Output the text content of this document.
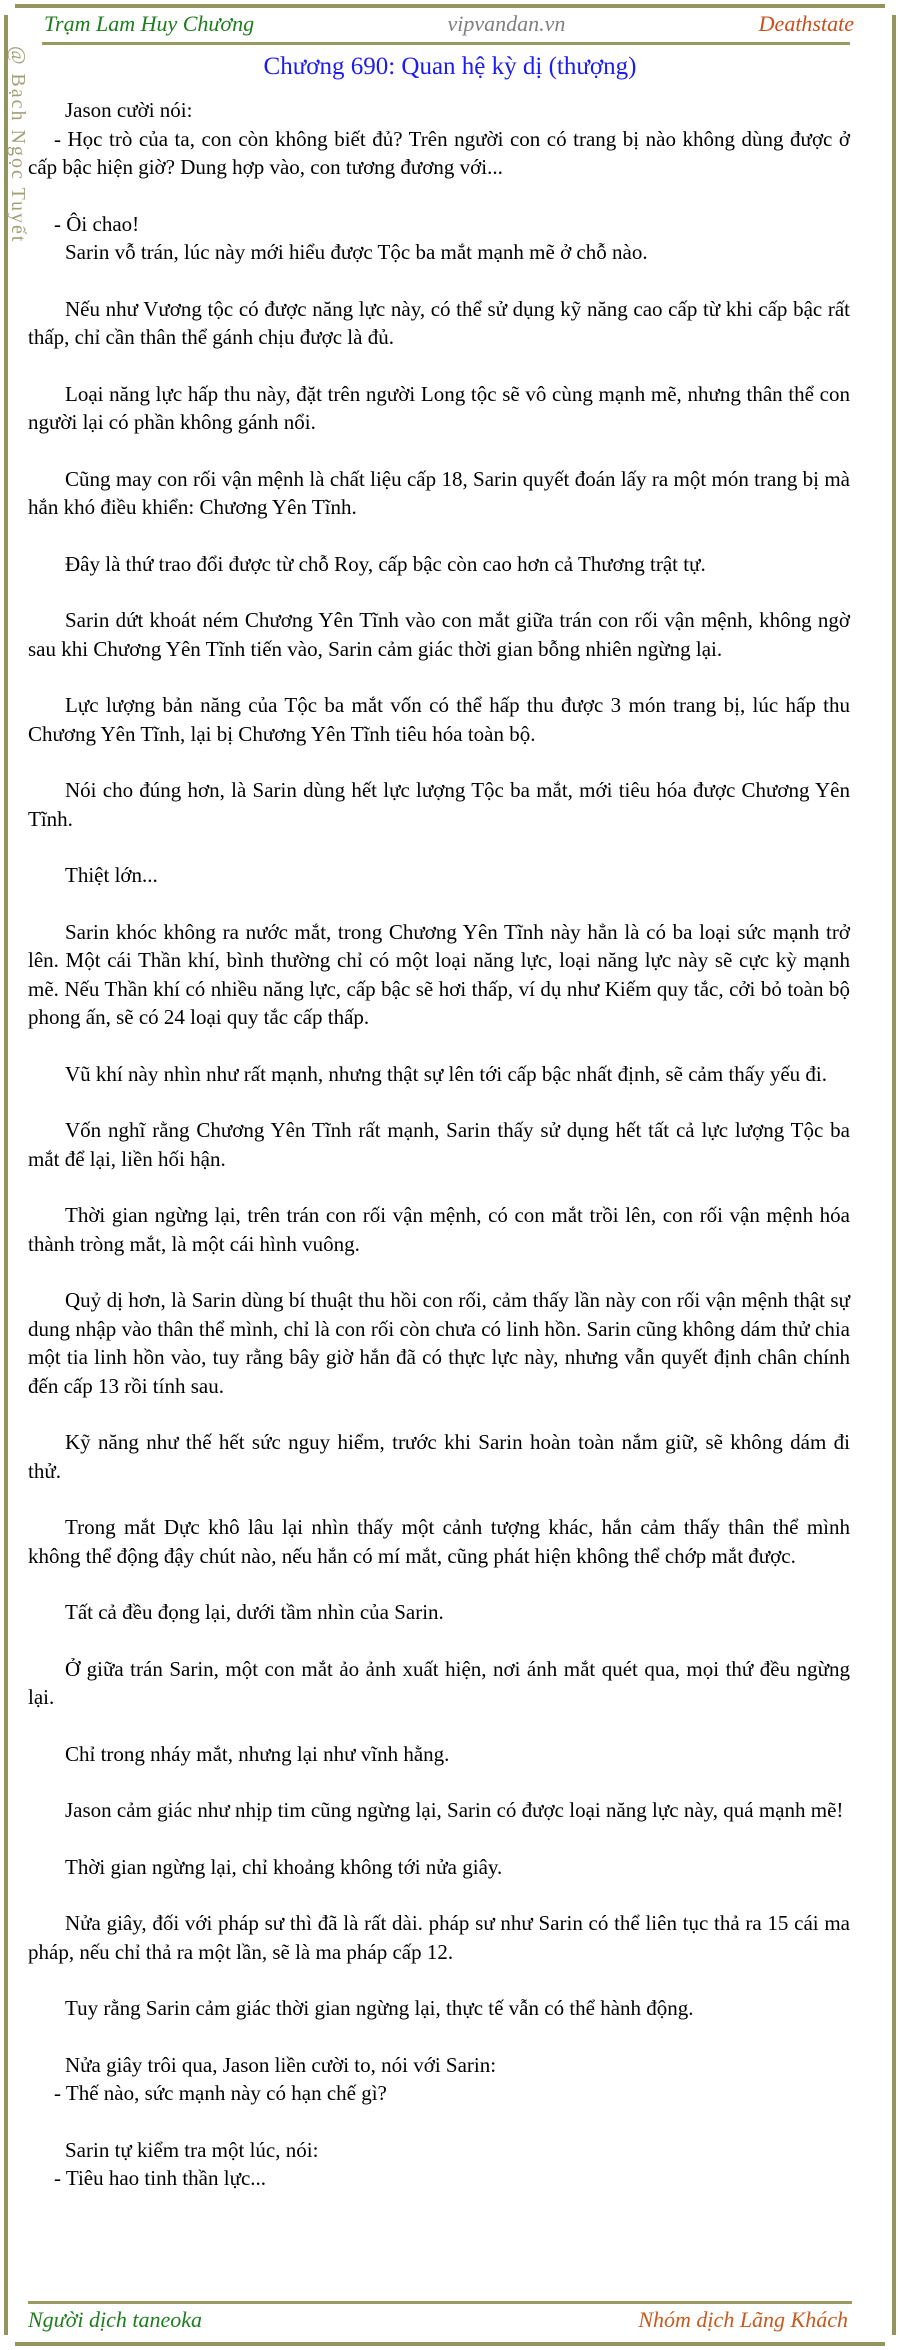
Trạm Lam Huy Chương	vipvandan.vn	Deathstate
Chương 690: Quan hệ kỳ dị (thượng)
@ Bạch Ngọc Tuyết	Jason cười nói:
- Học trò của ta, con còn không biết đủ? Trên người con có trang bị nào không dùng được ở cấp bậc hiện giờ? Dung hợp vào, con tương đương với...
- Ôi chao!
Sarin vỗ trán, lúc này mới hiểu được Tộc ba mắt mạnh mẽ ở chỗ nào.
Nếu như Vương tộc có được năng lực này, có thể sử dụng kỹ năng cao cấp từ khi cấp bậc rất thấp, chỉ cần thân thể gánh chịu được là đủ.
Loại năng lực hấp thu này, đặt trên người Long tộc sẽ vô cùng mạnh mẽ, nhưng thân thể con người lại có phần không gánh nổi.
Cũng may con rối vận mệnh là chất liệu cấp 18, Sarin quyết đoán lấy ra một món trang bị mà hắn khó điều khiển: Chương Yên Tĩnh.
Đây là thứ trao đổi được từ chỗ Roy, cấp bậc còn cao hơn cả Thương trật tự.
Sarin dứt khoát ném Chương Yên Tĩnh vào con mắt giữa trán con rối vận mệnh, không ngờ sau khi Chương Yên Tĩnh tiến vào, Sarin cảm giác thời gian bỗng nhiên ngừng lại.
Lực lượng bản năng của Tộc ba mắt vốn có thể hấp thu được 3 món trang bị, lúc hấp thu Chương Yên Tĩnh, lại bị Chương Yên Tĩnh tiêu hóa toàn bộ.
Nói cho đúng hơn, là Sarin dùng hết lực lượng Tộc ba mắt, mới tiêu hóa được Chương Yên Tĩnh.
Thiệt lớn...
Sarin khóc không ra nước mắt, trong Chương Yên Tĩnh này hẳn là có ba loại sức mạnh trở lên. Một cái Thần khí, bình thường chỉ có một loại năng lực, loại năng lực này sẽ cực kỳ mạnh mẽ. Nếu Thần khí có nhiều năng lực, cấp bậc sẽ hơi thấp, ví dụ như Kiếm quy tắc, cởi bỏ toàn bộ phong ấn, sẽ có 24 loại quy tắc cấp thấp.
Vũ khí này nhìn như rất mạnh, nhưng thật sự lên tới cấp bậc nhất định, sẽ cảm thấy yếu đi.
Vốn nghĩ rằng Chương Yên Tĩnh rất mạnh, Sarin thấy sử dụng hết tất cả lực lượng Tộc ba mắt để lại, liền hối hận.
Thời gian ngừng lại, trên trán con rối vận mệnh, có con mắt trồi lên, con rối vận mệnh hóa thành tròng mắt, là một cái hình vuông.
Quỷ dị hơn, là Sarin dùng bí thuật thu hồi con rối, cảm thấy lần này con rối vận mệnh thật sự dung nhập vào thân thể mình, chỉ là con rối còn chưa có linh hồn. Sarin cũng không dám thử chia một tia linh hồn vào, tuy rằng bây giờ hắn đã có thực lực này, nhưng vẫn quyết định chân chính đến cấp 13 rồi tính sau.
Kỹ năng như thế hết sức nguy hiểm, trước khi Sarin hoàn toàn nắm giữ, sẽ không dám đi thử.
Trong mắt Dực khô lâu lại nhìn thấy một cảnh tượng khác, hắn cảm thấy thân thể mình không thể động đậy chút nào, nếu hắn có mí mắt, cũng phát hiện không thể chớp mắt được.
Tất cả đều đọng lại, dưới tầm nhìn của Sarin.
Ở giữa trán Sarin, một con mắt ảo ảnh xuất hiện, nơi ánh mắt quét qua, mọi thứ đều ngừng lại.
Chỉ trong nháy mắt, nhưng lại như vĩnh hằng.
Jason cảm giác như nhịp tim cũng ngừng lại, Sarin có được loại năng lực này, quá mạnh mẽ!
Thời gian ngừng lại, chỉ khoảng không tới nửa giây.
Nửa giây, đối với pháp sư thì đã là rất dài. pháp sư như Sarin có thể liên tục thả ra 15 cái ma pháp, nếu chỉ thả ra một lần, sẽ là ma pháp cấp 12.
Tuy rằng Sarin cảm giác thời gian ngừng lại, thực tế vẫn có thể hành động.
Nửa giây trôi qua, Jason liền cười to, nói với Sarin:
- Thế nào, sức mạnh này có hạn chế gì?
Sarin tự kiểm tra một lúc, nói:
- Tiêu hao tinh thần lực...
Người dịch taneoka	Nhóm dịch Lãng Khách
